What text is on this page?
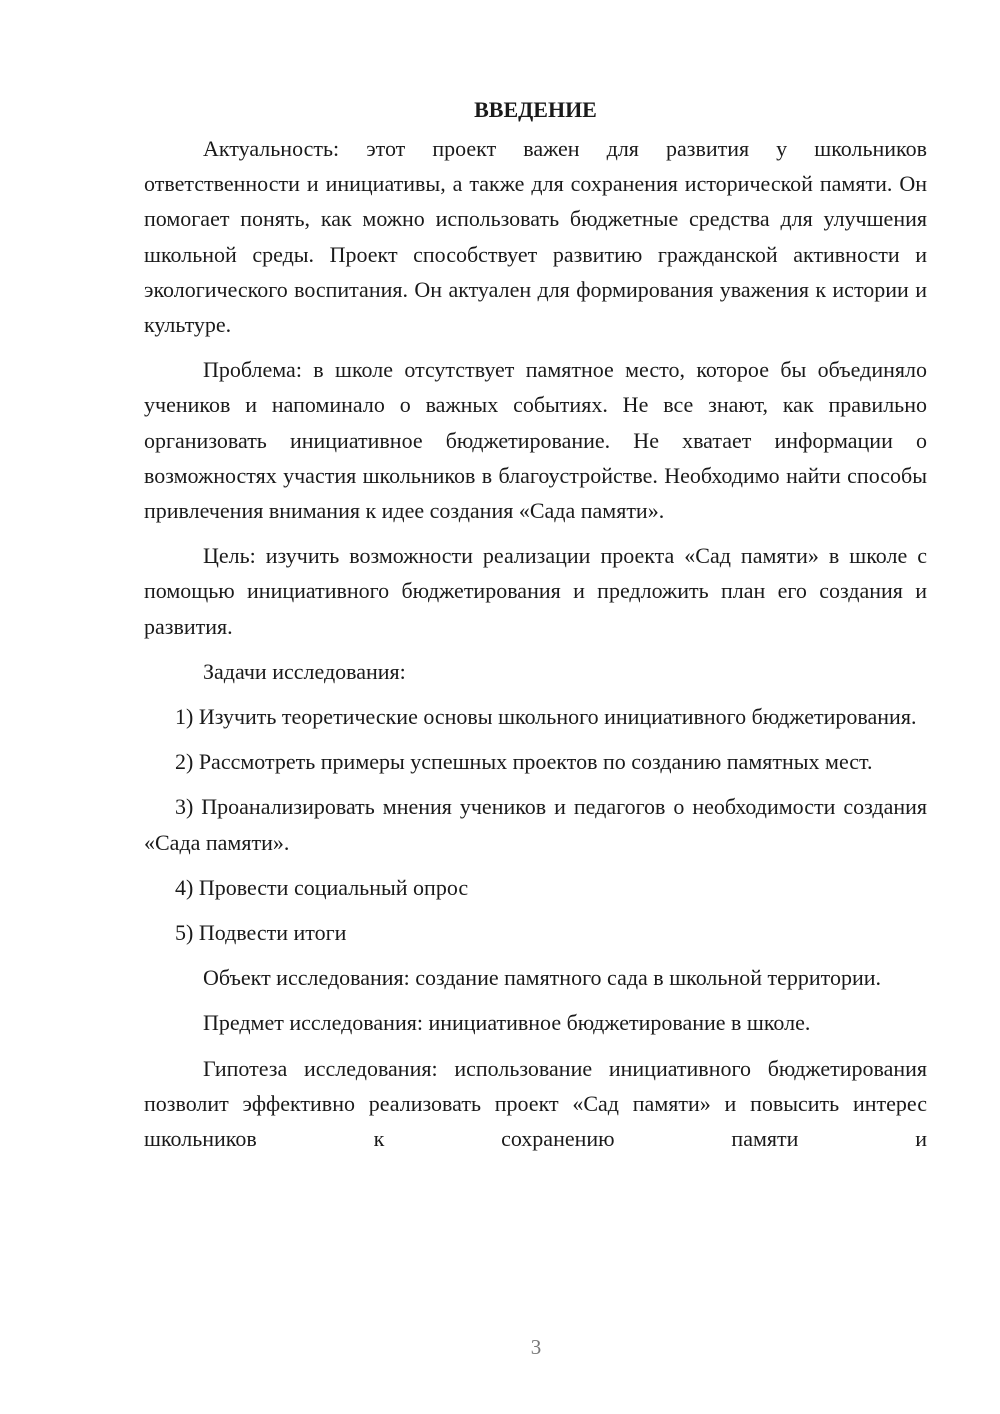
ВВЕДЕНИЕ

Актуальность: этот проект важен для развития у школьников ответственности и инициативы, а также для сохранения исторической памяти. Он помогает понять, как можно использовать бюджетные средства для улучшения школьной среды. Проект способствует развитию гражданской активности и экологического воспитания. Он актуален для формирования уважения к истории и культуре.

Проблема: в школе отсутствует памятное место, которое бы объединяло учеников и напоминало о важных событиях. Не все знают, как правильно организовать инициативное бюджетирование. Не хватает информации о возможностях участия школьников в благоустройстве. Необходимо найти способы привлечения внимания к идее создания «Сада памяти».

Цель: изучить возможности реализации проекта «Сад памяти» в школе с помощью инициативного бюджетирования и предложить план его создания и развития.

Задачи исследования:

1) Изучить теоретические основы школьного инициативного бюджетирования.

2) Рассмотреть примеры успешных проектов по созданию памятных мест.

3) Проанализировать мнения учеников и педагогов о необходимости создания «Сада памяти».

4) Провести социальный опрос

5) Подвести итоги

Объект исследования: создание памятного сада в школьной территории.

Предмет исследования: инициативное бюджетирование в школе.

Гипотеза исследования: использование инициативного бюджетирования позволит эффективно реализовать проект «Сад памяти» и повысить интерес школьников к сохранению памяти и

3
